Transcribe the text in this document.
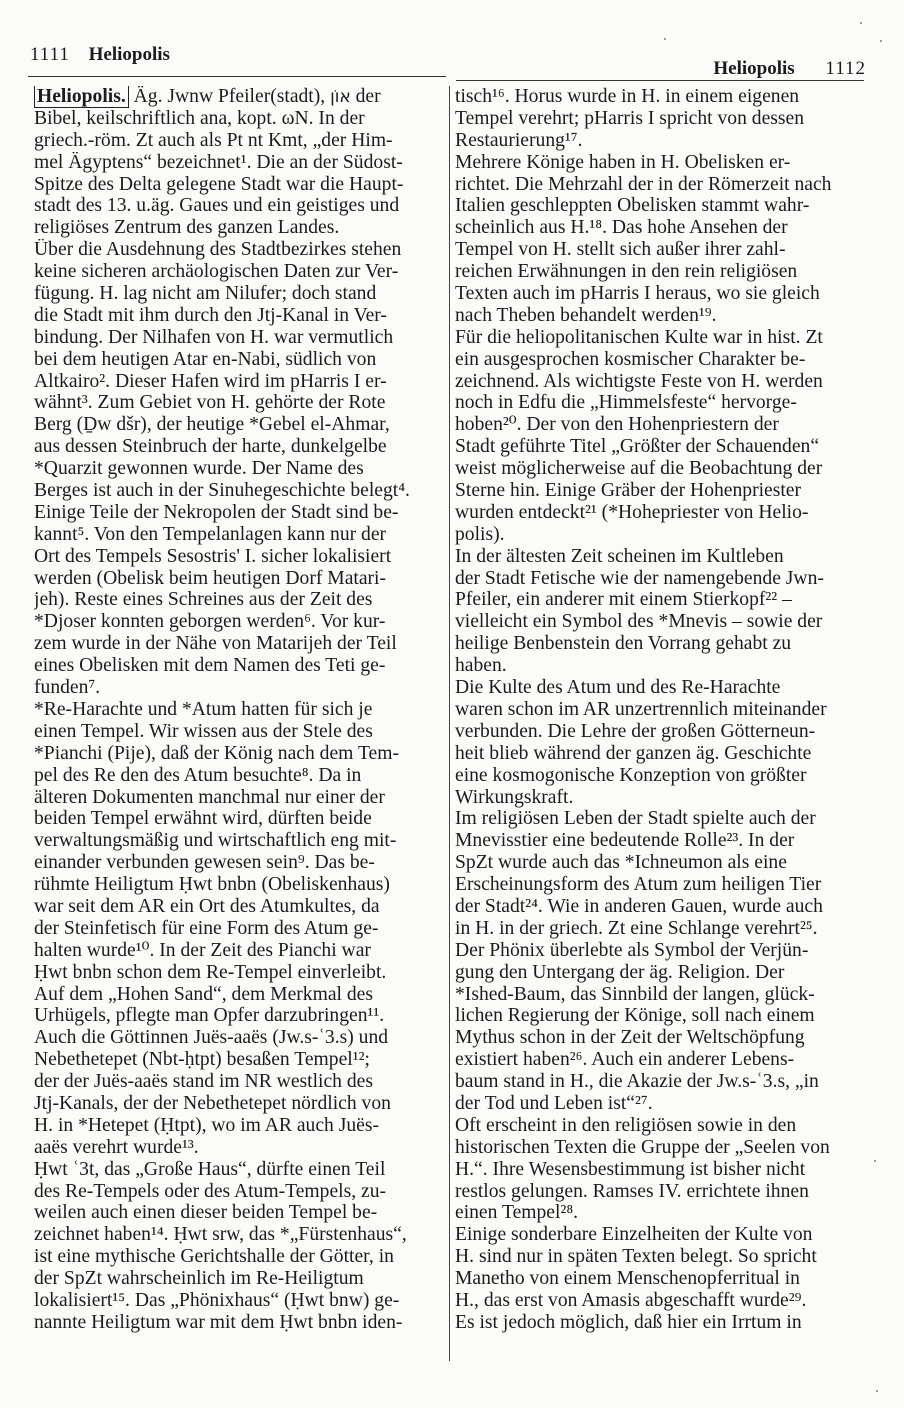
1111 Heliopolis
Heliopolis 1112
Heliopolis. Äg. Jwnw Pfeiler(stadt), אוֹן der
Bibel, keilschriftlich ana, kopt. ωΝ. In der
griech.-röm. Zt auch als Pt nt Kmt, „der Him-
mel Ägyptens“ bezeichnet¹. Die an der Südost-
Spitze des Delta gelegene Stadt war die Haupt-
stadt des 13. u.äg. Gaues und ein geistiges und
religiöses Zentrum des ganzen Landes.
Über die Ausdehnung des Stadtbezirkes stehen
keine sicheren archäologischen Daten zur Ver-
fügung. H. lag nicht am Nilufer; doch stand
die Stadt mit ihm durch den Jtj-Kanal in Ver-
bindung. Der Nilhafen von H. war vermutlich
bei dem heutigen Atar en-Nabi, südlich von
Altkairo². Dieser Hafen wird im pHarris I er-
wähnt³. Zum Gebiet von H. gehörte der Rote
Berg (Ḏw dšr), der heutige *Gebel el-Ahmar,
aus dessen Steinbruch der harte, dunkelgelbe
*Quarzit gewonnen wurde. Der Name des
Berges ist auch in der Sinuhegeschichte belegt⁴.
Einige Teile der Nekropolen der Stadt sind be-
kannt⁵. Von den Tempelanlagen kann nur der
Ort des Tempels Sesostris' I. sicher lokalisiert
werden (Obelisk beim heutigen Dorf Matari-
jeh). Reste eines Schreines aus der Zeit des
*Djoser konnten geborgen werden⁶. Vor kur-
zem wurde in der Nähe von Matarijeh der Teil
eines Obelisken mit dem Namen des Teti ge-
funden⁷.
*Re-Harachte und *Atum hatten für sich je
einen Tempel. Wir wissen aus der Stele des
*Pianchi (Pije), daß der König nach dem Tem-
pel des Re den des Atum besuchte⁸. Da in
älteren Dokumenten manchmal nur einer der
beiden Tempel erwähnt wird, dürften beide
verwaltungsmäßig und wirtschaftlich eng mit-
einander verbunden gewesen sein⁹. Das be-
rühmte Heiligtum Ḥwt bnbn (Obeliskenhaus)
war seit dem AR ein Ort des Atumkultes, da
der Steinfetisch für eine Form des Atum ge-
halten wurde¹⁰. In der Zeit des Pianchi war
Ḥwt bnbn schon dem Re-Tempel einverleibt.
Auf dem „Hohen Sand“, dem Merkmal des
Urhügels, pflegte man Opfer darzubringen¹¹.
Auch die Göttinnen Juës-aaës (Jw.s-ʿ3.s) und
Nebethetepet (Nbt-ḥtpt) besaßen Tempel¹²;
der der Juës-aaës stand im NR westlich des
Jtj-Kanals, der der Nebethetepet nördlich von
H. in *Hetepet (Ḥtpt), wo im AR auch Juës-
aaës verehrt wurde¹³.
Ḥwt ʿ3t, das „Große Haus“, dürfte einen Teil
des Re-Tempels oder des Atum-Tempels, zu-
weilen auch einen dieser beiden Tempel be-
zeichnet haben¹⁴. Ḥwt srw, das *„Fürstenhaus“,
ist eine mythische Gerichtshalle der Götter, in
der SpZt wahrscheinlich im Re-Heiligtum
lokalisiert¹⁵. Das „Phönixhaus“ (Ḥwt bnw) ge-
nannte Heiligtum war mit dem Ḥwt bnbn iden-
tisch¹⁶. Horus wurde in H. in einem eigenen
Tempel verehrt; pHarris I spricht von dessen
Restaurierung¹⁷.
Mehrere Könige haben in H. Obelisken er-
richtet. Die Mehrzahl der in der Römerzeit nach
Italien geschleppten Obelisken stammt wahr-
scheinlich aus H.¹⁸. Das hohe Ansehen der
Tempel von H. stellt sich außer ihrer zahl-
reichen Erwähnungen in den rein religiösen
Texten auch im pHarris I heraus, wo sie gleich
nach Theben behandelt werden¹⁹.
Für die heliopolitanischen Kulte war in hist. Zt
ein ausgesprochen kosmischer Charakter be-
zeichnend. Als wichtigste Feste von H. werden
noch in Edfu die „Himmelsfeste“ hervorge-
hoben²⁰. Der von den Hohenpriestern der
Stadt geführte Titel „Größter der Schauenden“
weist möglicherweise auf die Beobachtung der
Sterne hin. Einige Gräber der Hohenpriester
wurden entdeckt²¹ (*Hohepriester von Helio-
polis).
In der ältesten Zeit scheinen im Kultleben
der Stadt Fetische wie der namengebende Jwn-
Pfeiler, ein anderer mit einem Stierkopf²² –
vielleicht ein Symbol des *Mnevis – sowie der
heilige Benbenstein den Vorrang gehabt zu
haben.
Die Kulte des Atum und des Re-Harachte
waren schon im AR unzertrennlich miteinander
verbunden. Die Lehre der großen Götterneun-
heit blieb während der ganzen äg. Geschichte
eine kosmogonische Konzeption von größter
Wirkungskraft.
Im religiösen Leben der Stadt spielte auch der
Mnevisstier eine bedeutende Rolle²³. In der
SpZt wurde auch das *Ichneumon als eine
Erscheinungsform des Atum zum heiligen Tier
der Stadt²⁴. Wie in anderen Gauen, wurde auch
in H. in der griech. Zt eine Schlange verehrt²⁵.
Der Phönix überlebte als Symbol der Verjün-
gung den Untergang der äg. Religion. Der
*Ished-Baum, das Sinnbild der langen, glück-
lichen Regierung der Könige, soll nach einem
Mythus schon in der Zeit der Weltschöpfung
existiert haben²⁶. Auch ein anderer Lebens-
baum stand in H., die Akazie der Jw.s-ʿ3.s, „in
der Tod und Leben ist“²⁷.
Oft erscheint in den religiösen sowie in den
historischen Texten die Gruppe der „Seelen von
H.“. Ihre Wesensbestimmung ist bisher nicht
restlos gelungen. Ramses IV. errichtete ihnen
einen Tempel²⁸.
Einige sonderbare Einzelheiten der Kulte von
H. sind nur in späten Texten belegt. So spricht
Manetho von einem Menschenopferritual in
H., das erst von Amasis abgeschafft wurde²⁹.
Es ist jedoch möglich, daß hier ein Irrtum in
